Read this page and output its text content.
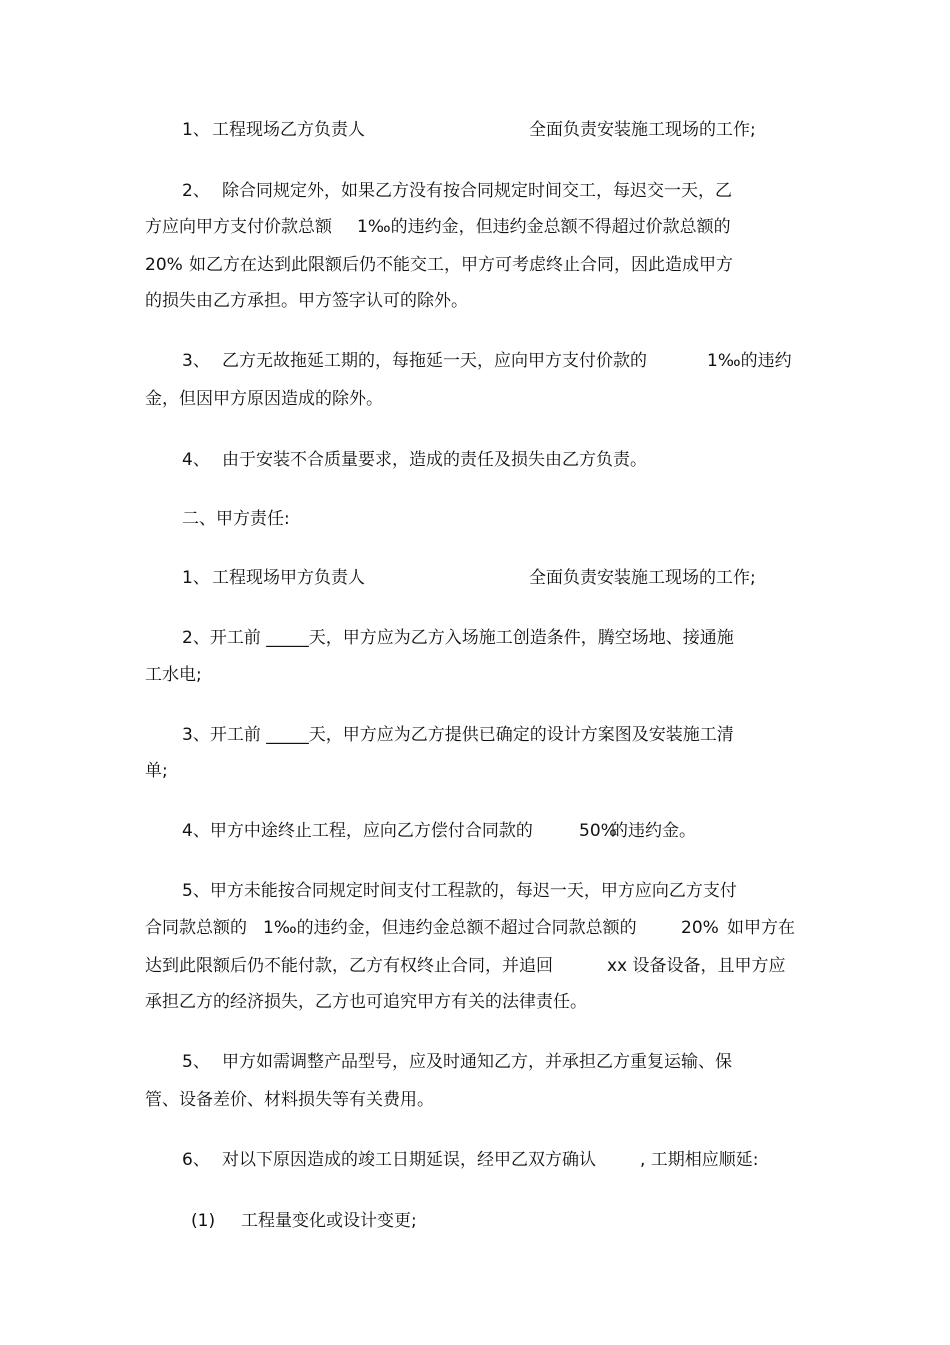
1、 工程现场乙方负责人	全面负责安装施工现场的工作;
2、 除合同规定外，如果乙方没有按合同规定时间交工，每迟交一天，乙
方应向甲方支付价款总额 1‰的违约金，但违约金总额不得超过价款总额的
20% 如乙方在达到此限额后仍不能交工，甲方可考虑终止合同，因此造成甲方
的损失由乙方承担。甲方签字认可的除外。
3、 乙方无故拖延工期的，每拖延一天，应向甲方支付价款的	1‰的违约
金，但因甲方原因造成的除外。
4、 由于安装不合质量要求，造成的责任及损失由乙方负责。
二、甲方责任:
1、 工程现场甲方负责人	全面负责安装施工现场的工作;
2、开工前 _____天，甲方应为乙方入场施工创造条件，腾空场地、接通施
工水电;
3、开工前 _____天，甲方应为乙方提供已确定的设计方案图及安装施工清
单;
4、甲方中途终止工程，应向乙方偿付合同款的	50%
的违约金。
5、甲方未能按合同规定时间支付工程款的，每迟一天，甲方应向乙方支付
合同款总额的 1‰的违约金，但违约金总额不超过合同款总额的	20% 如甲方在
达到此限额后仍不能付款，乙方有权终止合同，并追回	xx 设备设备，且甲方应
承担乙方的经济损失，乙方也可追究甲方有关的法律责任。
5、 甲方如需调整产品型号，应及时通知乙方，并承担乙方重复运输、保
管、设备差价、材料损失等有关费用。
6、 对以下原因造成的竣工日期延误，经甲乙双方确认	, 工期相应顺延:
(1) 工程量变化或设计变更;
